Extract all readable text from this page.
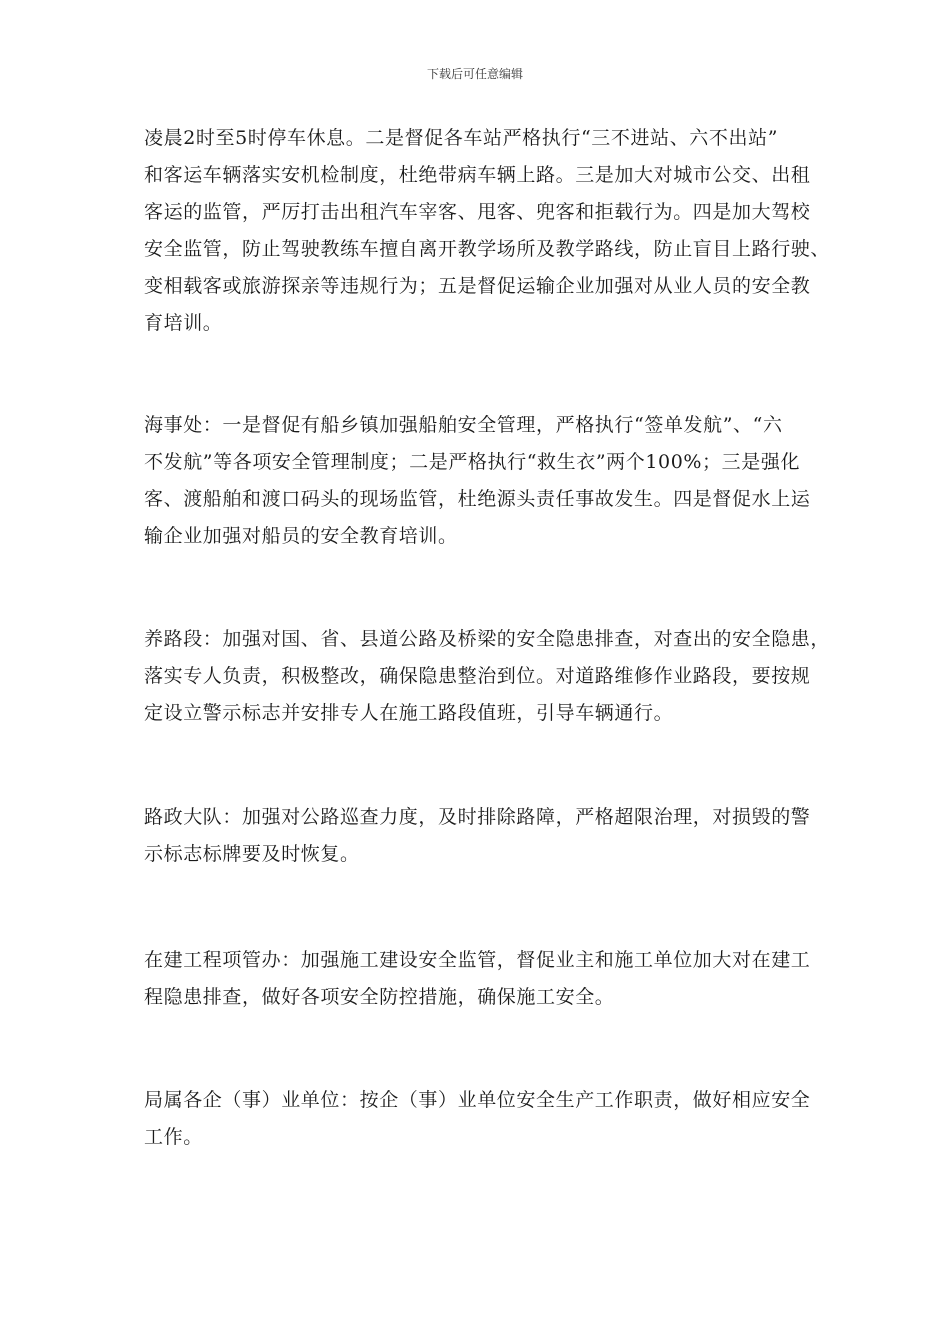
下载后可任意编辑
凌晨2时至5时停车休息。二是督促各车站严格执行“三不进站、六不出站”
和客运车辆落实安机检制度，杜绝带病车辆上路。三是加大对城市公交、出租
客运的监管，严厉打击出租汽车宰客、甩客、兜客和拒载行为。四是加大驾校
安全监管，防止驾驶教练车擅自离开教学场所及教学路线，防止盲目上路行驶、
变相载客或旅游探亲等违规行为；五是督促运输企业加强对从业人员的安全教
育培训。
海事处：一是督促有船乡镇加强船舶安全管理，严格执行“签单发航”、“六
不发航”等各项安全管理制度；二是严格执行“救生衣”两个100%；三是强化
客、渡船舶和渡口码头的现场监管，杜绝源头责任事故发生。四是督促水上运
输企业加强对船员的安全教育培训。
养路段：加强对国、省、县道公路及桥梁的安全隐患排查，对查出的安全隐患，
落实专人负责，积极整改，确保隐患整治到位。对道路维修作业路段，要按规
定设立警示标志并安排专人在施工路段值班，引导车辆通行。
路政大队：加强对公路巡查力度，及时排除路障，严格超限治理，对损毁的警
示标志标牌要及时恢复。
在建工程项管办：加强施工建设安全监管，督促业主和施工单位加大对在建工
程隐患排查，做好各项安全防控措施，确保施工安全。
局属各企（事）业单位：按企（事）业单位安全生产工作职责，做好相应安全
工作。
